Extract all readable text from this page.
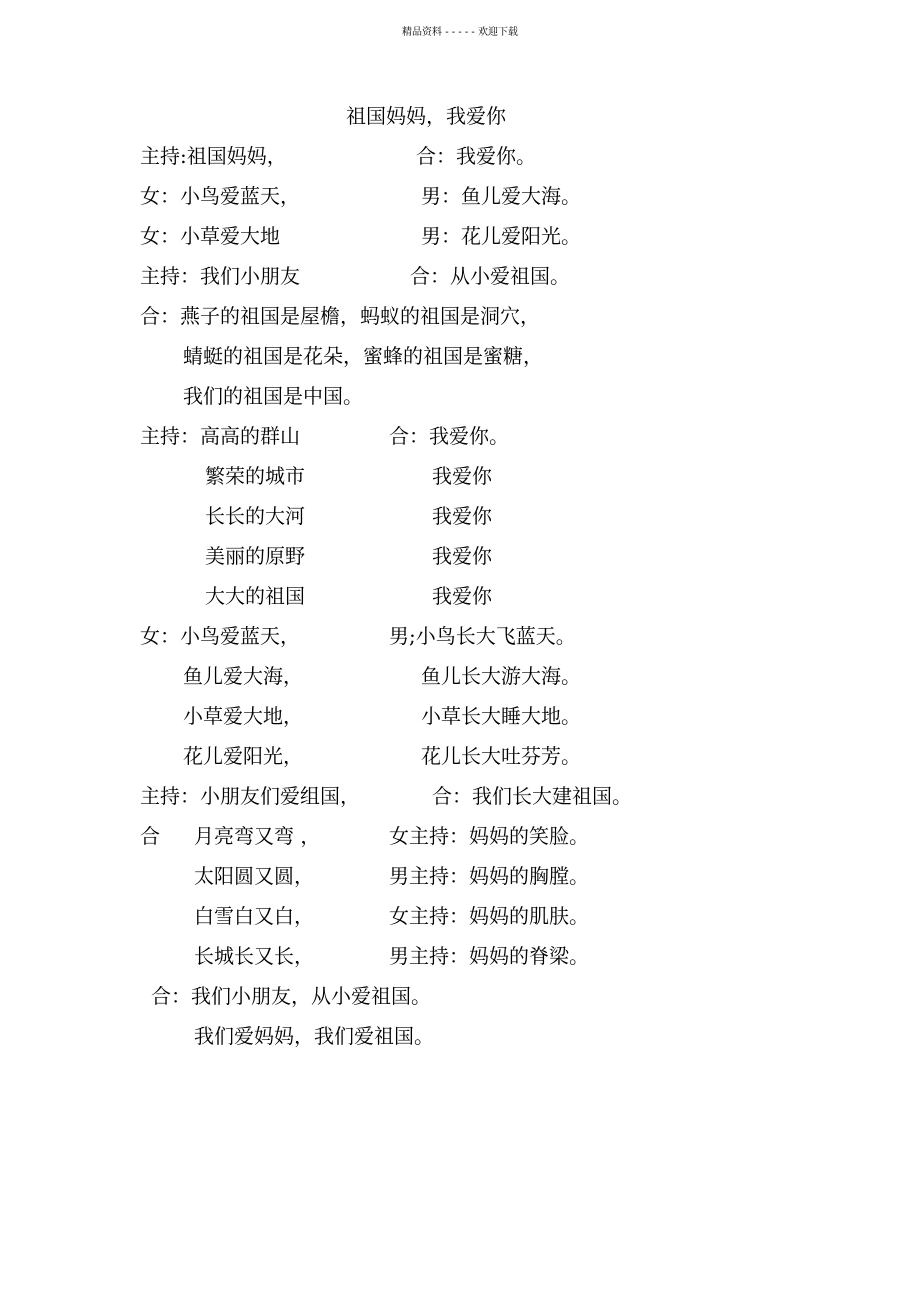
精品资料 - - - - - 欢迎下载
祖国妈妈，我爱你
主持:祖国妈妈，	合：我爱你。
女：小鸟爱蓝天，	男：鱼儿爱大海。
女：小草爱大地	男：花儿爱阳光。
主持：我们小朋友	合：从小爱祖国。
合：燕子的祖国是屋檐，蚂蚁的祖国是洞穴，
蜻蜓的祖国是花朵，蜜蜂的祖国是蜜糖，
我们的祖国是中国。
主持：高高的群山	合：我爱你。
繁荣的城市	我爱你
长长的大河	我爱你
美丽的原野	我爱你
大大的祖国	我爱你
女：小鸟爱蓝天，	男;小鸟长大飞蓝天。
鱼儿爱大海，	鱼儿长大游大海。
小草爱大地，	小草长大睡大地。
花儿爱阳光，	花儿长大吐芬芳。
主持：小朋友们爱组国，	合：我们长大建祖国。
合 月亮弯又弯 ，	女主持：妈妈的笑脸。
太阳圆又圆，	男主持：妈妈的胸膛。
白雪白又白，	女主持：妈妈的肌肤。
长城长又长，	男主持：妈妈的脊梁。
合：我们小朋友，从小爱祖国。
我们爱妈妈，我们爱祖国。
